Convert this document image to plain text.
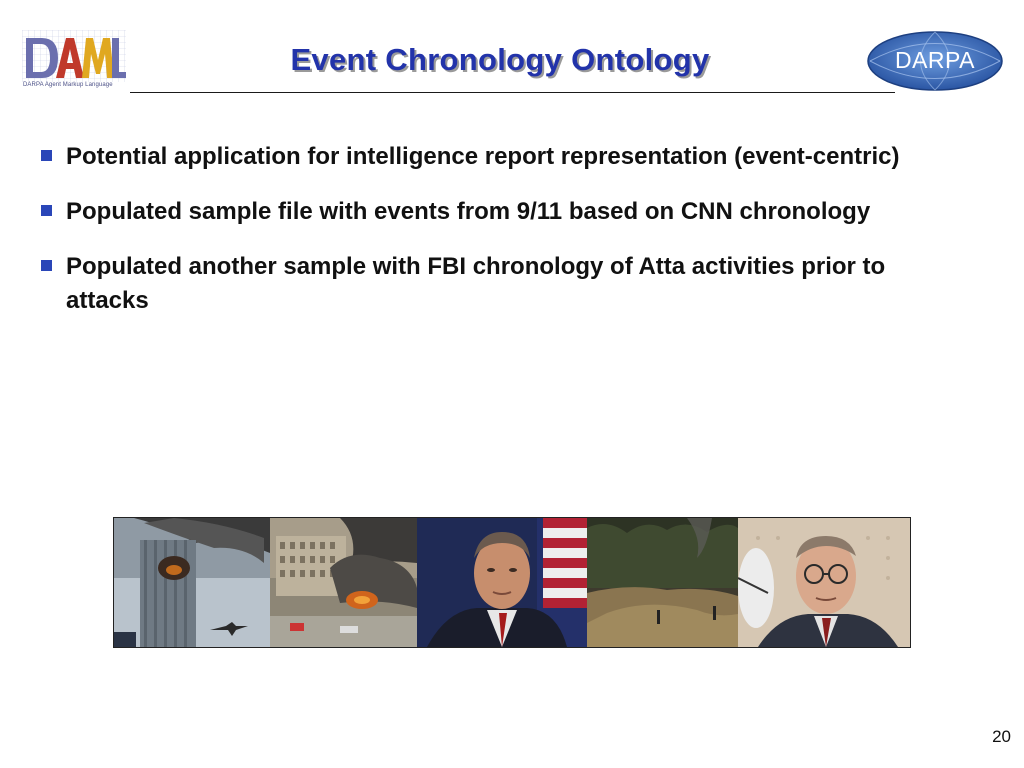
DARPA Agent Markup Language
Event Chronology Ontology	DARPA
Potential application for intelligence report representation (event-centric)
Populated sample file with events from 9/11 based on CNN chronology
Populated another sample with FBI chronology of Atta activities prior to attacks
20
